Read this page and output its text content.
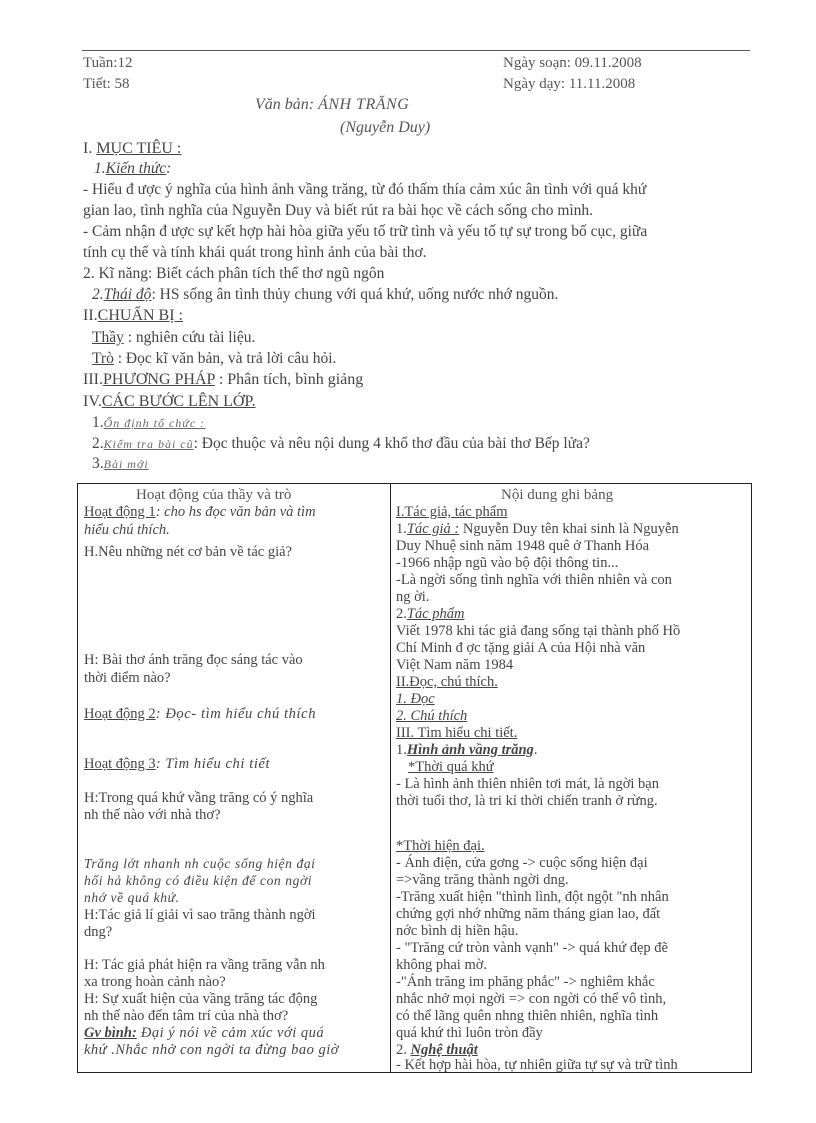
Tuần:12
Tiết: 58
Ngày soạn: 09.11.2008
Ngày dạy: 11.11.2008
Văn bản: ÁNH TRĂNG
(Nguyễn Duy)
I. MỤC TIÊU :
1.Kiến thức:
- Hiểu đ ược ý nghĩa của hình ảnh vầng trăng, từ đó thấm thía cảm xúc ân tình với quá khứ
gian lao, tình nghĩa của Nguyễn Duy và biết rút ra bài học về cách sống cho mình.
- Cảm nhận đ ược sự kết hợp hài hòa giữa yếu tố trữ tình và yếu tố tự sự trong bố cục, giữa
tính cụ thể và tính khái quát trong hình ảnh của bài thơ.
2. Kĩ năng: Biết cách phân tích thể thơ ngũ ngôn
2.Thái độ: HS sống ân tình thủy chung với quá khứ, uống nước nhớ nguồn.
II.CHUẨN BỊ :
Thầy : nghiên cứu tài liệu.
Trò : Đọc kĩ văn bản, và trả lời câu hỏi.
III.PHƯƠNG PHÁP : Phân tích, bình giảng
IV.CÁC BƯỚC LÊN LỚP.
1.Ổn định tổ chức :
2.Kiểm tra bài cũ: Đọc thuộc và nêu nội dung 4 khổ thơ đầu của bài thơ Bếp lửa?
3.Bài mới
Hoạt động của thầy và trò
Hoạt động 1: cho hs đọc văn bản và tìm
hiểu chú thích.
H.Nêu những nét cơ bản về tác giả?
H: Bài thơ ánh trăng đọc sáng tác vào
thời điểm nào?
Hoạt động 2: Đọc- tìm hiểu chú thích
Hoạt động 3: Tìm hiểu chi tiết
H:Trong quá khứ vầng trăng có ý nghĩa
nh thế nào với nhà thơ?
Trăng lớt nhanh nh cuộc sống hiện đại
hối hả không có điều kiện để con ngời
nhớ về quá khứ.
H:Tác giả lí giải vì sao trăng thành ngời
dng?
H: Tác giả phát hiện ra vầng trăng vẫn nh
xa trong hoàn cảnh nào?
H: Sự xuất hiện của vầng trăng tác động
nh thế nào đến tâm trí của nhà thơ?
Gv bình: Đại ý nói về cảm xúc với quá
khứ .Nhắc nhở con ngời ta đừng bao giờ
Nội dung ghi bảng
I.Tác giả, tác phẩm
1.Tác giả : Nguyễn Duy tên khai sinh là Nguyễn
Duy Nhuệ sinh năm 1948 quê ở Thanh Hóa
-1966 nhập ngũ vào bộ đội thông tin...
-Là ngời sống tình nghĩa với thiên nhiên và con
ng ời.
2.Tác phẩm
Viết 1978 khi tác giả đang sống tại thành phố Hồ
Chí Minh đ ợc tặng giải A của Hội nhà văn
Việt Nam năm 1984
II.Đọc, chú thích.
1. Đọc
2. Chú thích
III. Tìm hiểu chi tiết.
1.Hình ảnh vầng trăng.
*Thời quá khứ
- Là hình ảnh thiên nhiên tơi mát, là ngời bạn
thời tuổi thơ, là tri kỉ thời chiến tranh ở rừng.
*Thời hiện đại.
- Ánh điện, cửa gơng -> cuộc sống hiện đại
=>vầng trăng thành ngời dng.
-Trăng xuất hiện "thình lình, đột ngột "nh nhân
chứng gợi nhớ những năm tháng gian lao, đất
nớc bình dị hiền hậu.
- "Trăng cứ tròn vành vạnh" -> quá khứ đẹp đẽ
không phai mờ.
-"Ánh trăng im phăng phắc" -> nghiêm khắc
nhắc nhở mọi ngời => con ngời có thể vô tình,
có thể lãng quên nhng thiên nhiên, nghĩa tình
quá khứ thì luôn tròn đầy
2. Nghệ thuật
- Kết hợp hài hòa, tự nhiên giữa tự sự và trữ tình
